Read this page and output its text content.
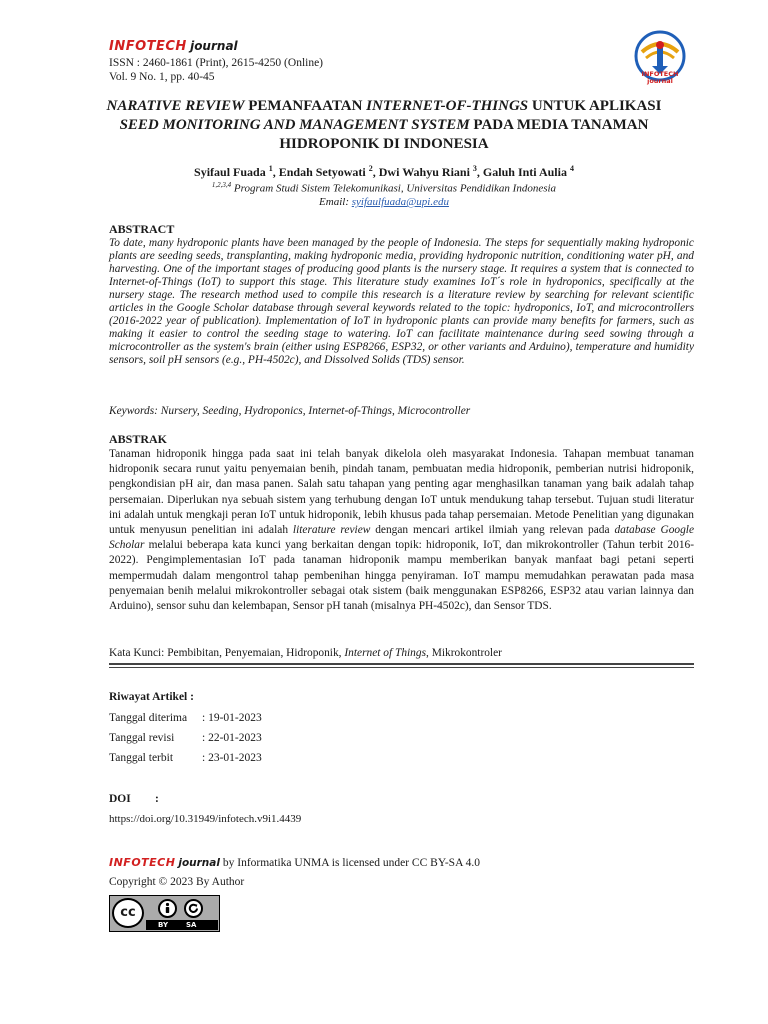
INFOTECH journal
ISSN : 2460-1861 (Print), 2615-4250 (Online)
Vol. 9 No. 1, pp. 40-45	INFOTECH journal
NARATIVE REVIEW PEMANFAATAN INTERNET-OF-THINGS UNTUK APLIKASI
SEED MONITORING AND MANAGEMENT SYSTEM PADA MEDIA TANAMAN
HIDROPONIK DI INDONESIA
Syifaul Fuada $^1$, Endah Setyowati $^2$, Dwi Wahyu Riani $^3$, Galuh Inti Aulia $^4$
$^{1,2,3,4}$ Program Studi Sistem Telekomunikasi, Universitas Pendidikan Indonesia
Email: syifaulfuada@upi.edu
ABSTRACT
To date, many hydroponic plants have been managed by the people of Indonesia. The steps for sequentially making hydroponic plants are seeding seeds, transplanting, making hydroponic media, providing hydroponic nutrition, conditioning water pH, and harvesting. One of the important stages of producing good plants is the nursery stage. It requires a system that is connected to Internet-of-Things (IoT) to support this stage. This literature study examines IoT´s role in hydroponics, specifically at the nursery stage. The research method used to compile this research is a literature review by searching for relevant scientific articles in the Google Scholar database through several keywords related to the topic: hydroponics, IoT, and microcontrollers (2016-2022 year of publication). Implementation of IoT in hydroponic plants can provide many benefits for farmers, such as making it easier to control the seeding stage to watering. IoT can facilitate maintenance during seed sowing through a microcontroller as the system's brain (either using ESP8266, ESP32, or other variants and Arduino), temperature and humidity sensors, soil pH sensors (e.g., PH-4502c), and Dissolved Solids (TDS) sensor.
Keywords: Nursery, Seeding, Hydroponics, Internet-of-Things, Microcontroller
ABSTRAK
Tanaman hidroponik hingga pada saat ini telah banyak dikelola oleh masyarakat Indonesia. Tahapan membuat tanaman hidroponik secara runut yaitu penyemaian benih, pindah tanam, pembuatan media hidroponik, pemberian nutrisi hidroponik, pengkondisian pH air, dan masa panen. Salah satu tahapan yang penting agar menghasilkan tanaman yang baik adalah tahap persemaian. Diperlukan nya sebuah sistem yang terhubung dengan IoT untuk mendukung tahap tersebut. Tujuan studi literatur ini adalah untuk mengkaji peran IoT untuk hidroponik, lebih khusus pada tahap persemaian. Metode Penelitian yang digunakan untuk menyusun penelitian ini adalah literature review dengan mencari artikel ilmiah yang relevan pada database Google Scholar melalui beberapa kata kunci yang berkaitan dengan topik: hidroponik, IoT, dan mikrokontroller (Tahun terbit 2016-2022). Pengimplementasian IoT pada tanaman hidroponik mampu memberikan banyak manfaat bagi petani seperti mempermudah dalam mengontrol tahap pembenihan hingga penyiraman. IoT mampu memudahkan perawatan pada masa penyemaian benih melalui mikrokontroller sebagai otak sistem (baik menggunakan ESP8266, ESP32 atau varian lainnya dan Arduino), sensor suhu dan kelembapan, Sensor pH tanah (misalnya PH-4502c), dan Sensor TDS.
Kata Kunci: Pembibitan, Penyemaian, Hidroponik, Internet of Things, Mikrokontroler
Riwayat Artikel :
Tanggal diterima : 19-01-2023
Tanggal revisi : 22-01-2023
Tanggal terbit	: 23-01-2023
DOI :
https://doi.org/10.31949/infotech.v9i1.4439
INFOTECH journal by Informatika UNMA is licensed under CC BY-SA 4.0
Copyright © 2023 By Author
cc
BY	SA
